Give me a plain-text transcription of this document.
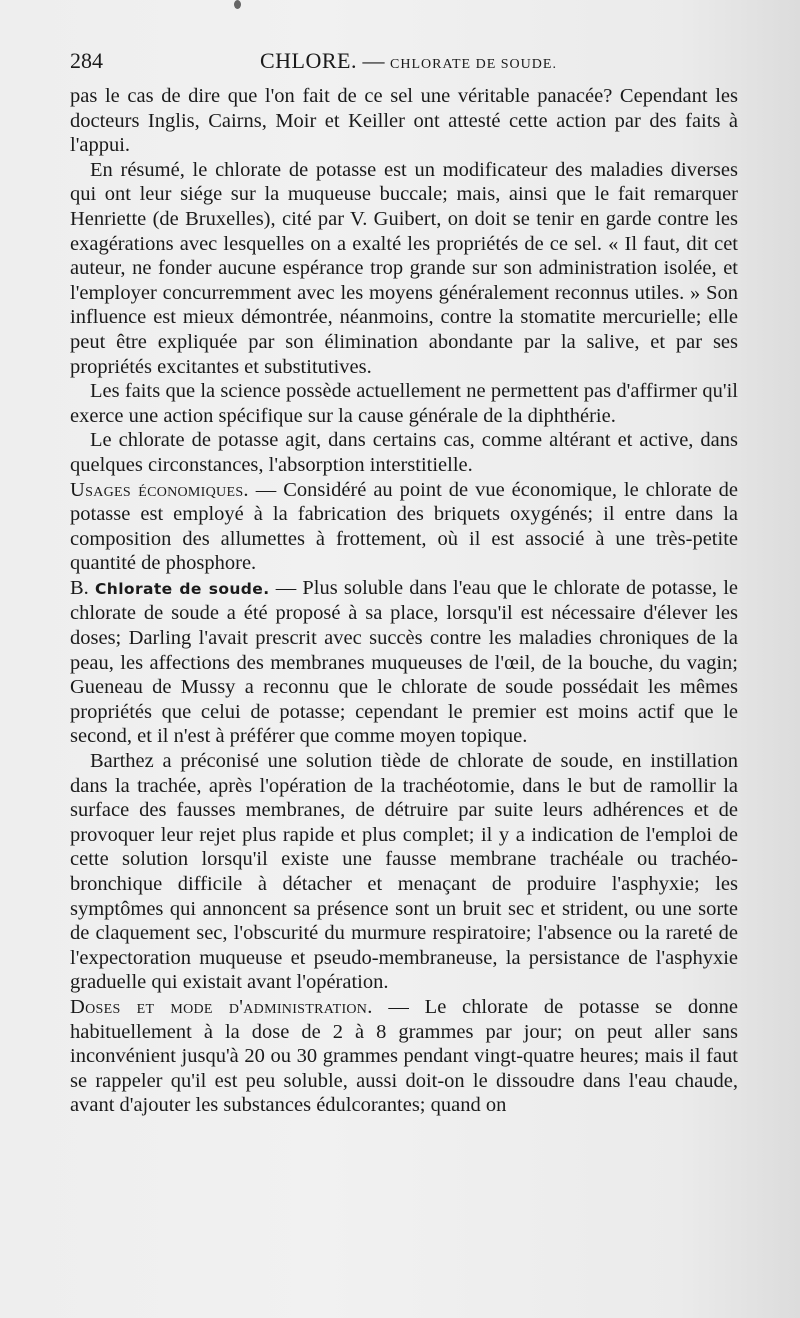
284	CHLORE. — CHLORATE DE SOUDE.

pas le cas de dire que l'on fait de ce sel une véritable panacée? Cependant les docteurs Inglis, Cairns, Moir et Keiller ont attesté cette action par des faits à l'appui.

En résumé, le chlorate de potasse est un modificateur des maladies diverses qui ont leur siége sur la muqueuse buccale; mais, ainsi que le fait remarquer Henriette (de Bruxelles), cité par V. Guibert, on doit se tenir en garde contre les exagérations avec lesquelles on a exalté les propriétés de ce sel. « Il faut, dit cet auteur, ne fonder aucune espérance trop grande sur son administration isolée, et l'employer concurremment avec les moyens généralement reconnus utiles. » Son influence est mieux démontrée, néanmoins, contre la stomatite mercurielle; elle peut être expliquée par son élimination abondante par la salive, et par ses propriétés excitantes et substitutives.

Les faits que la science possède actuellement ne permettent pas d'affirmer qu'il exerce une action spécifique sur la cause générale de la diphthérie.

Le chlorate de potasse agit, dans certains cas, comme altérant et active, dans quelques circonstances, l'absorption interstitielle.

Usages économiques. — Considéré au point de vue économique, le chlorate de potasse est employé à la fabrication des briquets oxygénés; il entre dans la composition des allumettes à frottement, où il est associé à une très-petite quantité de phosphore.

B. Chlorate de soude. — Plus soluble dans l'eau que le chlorate de potasse, le chlorate de soude a été proposé à sa place, lorsqu'il est nécessaire d'élever les doses; Darling l'avait prescrit avec succès contre les maladies chroniques de la peau, les affections des membranes muqueuses de l'œil, de la bouche, du vagin; Gueneau de Mussy a reconnu que le chlorate de soude possédait les mêmes propriétés que celui de potasse; cependant le premier est moins actif que le second, et il n'est à préférer que comme moyen topique.

Barthez a préconisé une solution tiède de chlorate de soude, en instillation dans la trachée, après l'opération de la trachéotomie, dans le but de ramollir la surface des fausses membranes, de détruire par suite leurs adhérences et de provoquer leur rejet plus rapide et plus complet; il y a indication de l'emploi de cette solution lorsqu'il existe une fausse membrane trachéale ou trachéo-bronchique difficile à détacher et menaçant de produire l'asphyxie; les symptômes qui annoncent sa présence sont un bruit sec et strident, ou une sorte de claquement sec, l'obscurité du murmure respiratoire; l'absence ou la rareté de l'expectoration muqueuse et pseudo-membraneuse, la persistance de l'asphyxie graduelle qui existait avant l'opération.

Doses et mode d'administration. — Le chlorate de potasse se donne habituellement à la dose de 2 à 8 grammes par jour; on peut aller sans inconvénient jusqu'à 20 ou 30 grammes pendant vingt-quatre heures; mais il faut se rappeler qu'il est peu soluble, aussi doit-on le dissoudre dans l'eau chaude, avant d'ajouter les substances édulcorantes; quand on
